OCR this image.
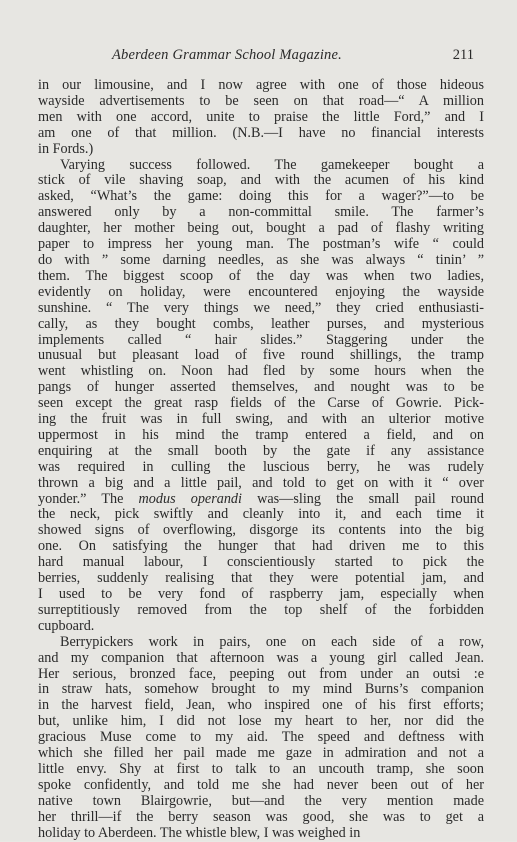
Aberdeen Grammar School Magazine.	211

in our limousine, and I now agree with one of those hideous
wayside advertisements to be seen on that road—“ A million
men with one accord, unite to praise the little Ford,” and I
am one of that million. (N.B.—I have no financial interests
in Fords.)

Varying success followed. The gamekeeper bought a
stick of vile shaving soap, and with the acumen of his kind
asked, “What’s the game: doing this for a wager?”—to be
answered only by a non-committal smile. The farmer’s
daughter, her mother being out, bought a pad of flashy writing
paper to impress her young man. The postman’s wife “ could
do with ” some darning needles, as she was always “ tinin’ ”
them. The biggest scoop of the day was when two ladies,
evidently on holiday, were encountered enjoying the wayside
sunshine. “ The very things we need,” they cried enthusiasti-
cally, as they bought combs, leather purses, and mysterious
implements called “ hair slides.” Staggering under the
unusual but pleasant load of five round shillings, the tramp
went whistling on. Noon had fled by some hours when the
pangs of hunger asserted themselves, and nought was to be
seen except the great rasp fields of the Carse of Gowrie. Pick-
ing the fruit was in full swing, and with an ulterior motive
uppermost in his mind the tramp entered a field, and on
enquiring at the small booth by the gate if any assistance
was required in culling the luscious berry, he was rudely
thrown a big and a little pail, and told to get on with it “ over
yonder.” The modus operandi was—sling the small pail round
the neck, pick swiftly and cleanly into it, and each time it
showed signs of overflowing, disgorge its contents into the big
one. On satisfying the hunger that had driven me to this
hard manual labour, I conscientiously started to pick the
berries, suddenly realising that they were potential jam, and
I used to be very fond of raspberry jam, especially when
surreptitiously removed from the top shelf of the forbidden
cupboard.

Berrypickers work in pairs, one on each side of a row,
and my companion that afternoon was a young girl called Jean.
Her serious, bronzed face, peeping out from under an outsi :e
in straw hats, somehow brought to my mind Burns’s companion
in the harvest field, Jean, who inspired one of his first efforts;
but, unlike him, I did not lose my heart to her, nor did the
gracious Muse come to my aid. The speed and deftness with
which she filled her pail made me gaze in admiration and not a
little envy. Shy at first to talk to an uncouth tramp, she soon
spoke confidently, and told me she had never been out of her
native town Blairgowrie, but—and the very mention made
her thrill—if the berry season was good, she was to get a
holiday to Aberdeen. The whistle blew, I was weighed in
